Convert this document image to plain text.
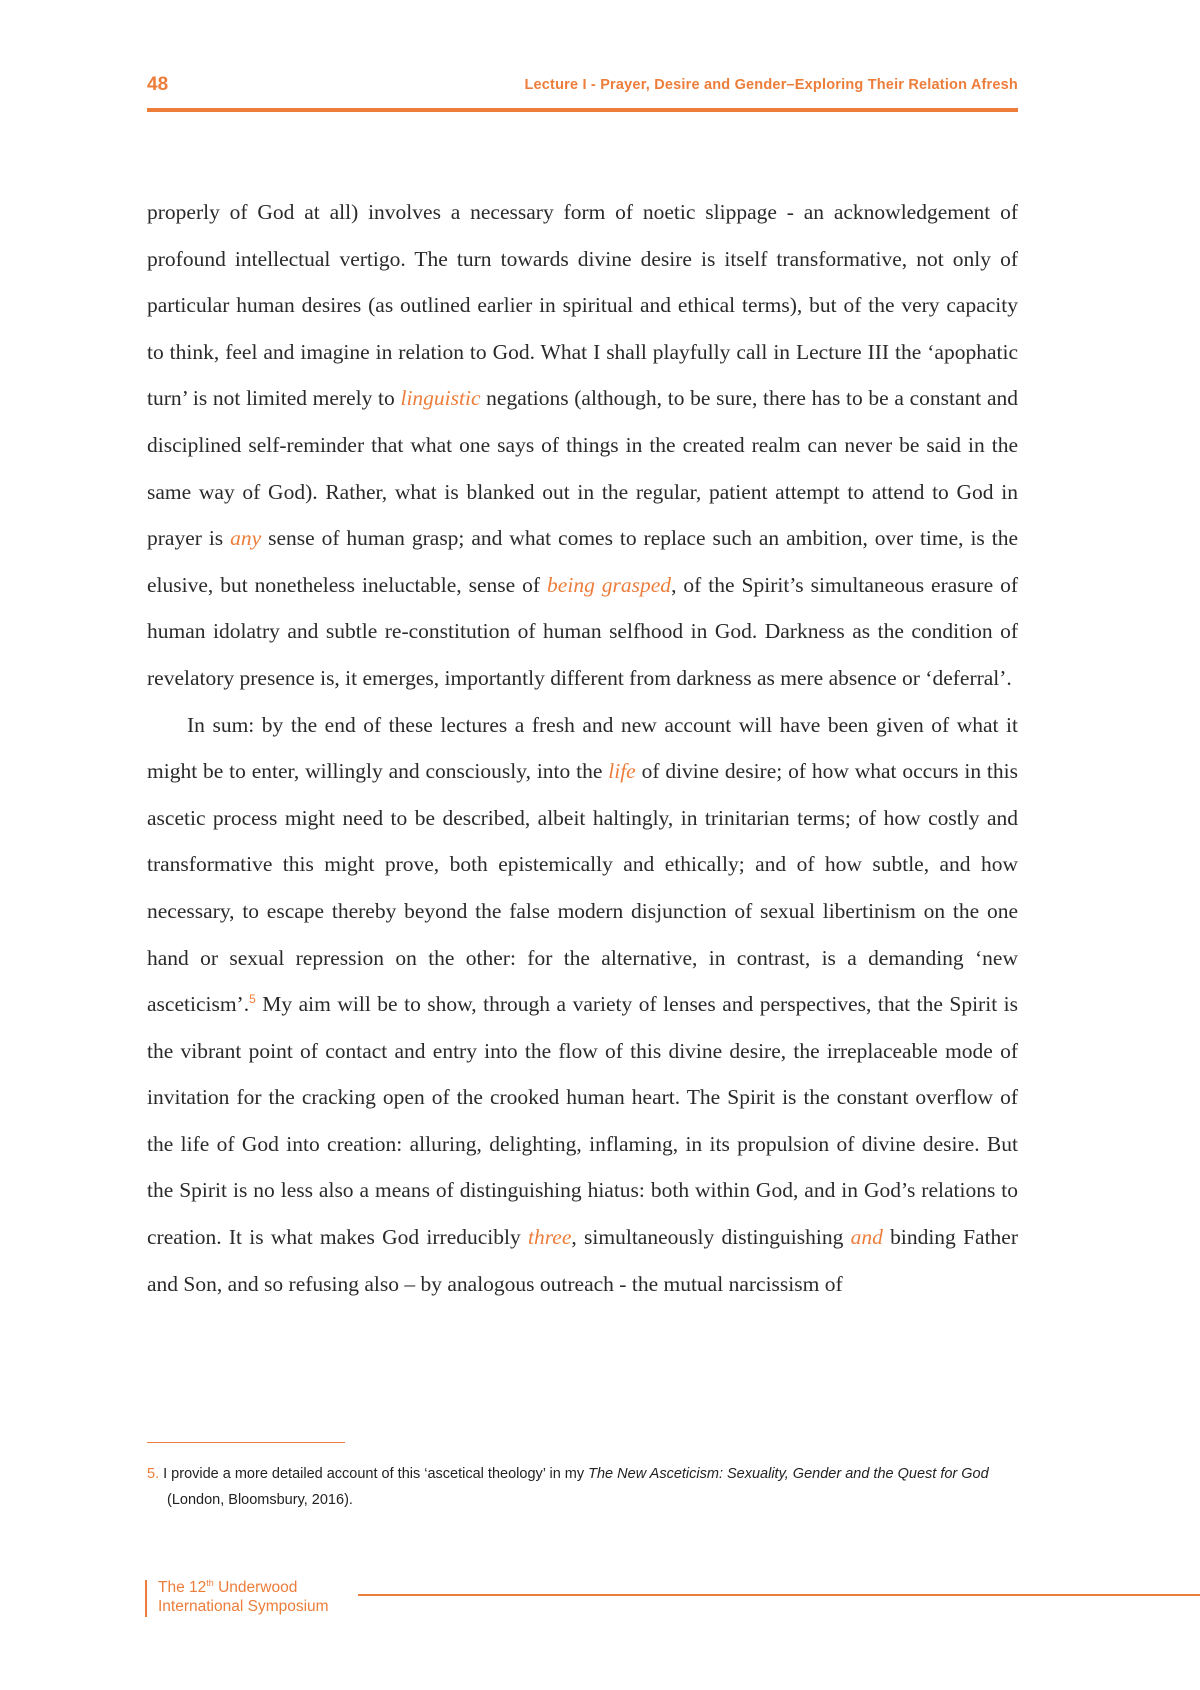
48	Lecture I - Prayer, Desire and Gender–Exploring Their Relation Afresh

properly of God at all) involves a necessary form of noetic slippage - an acknowledgement of profound intellectual vertigo. The turn towards divine desire is itself transformative, not only of particular human desires (as outlined earlier in spiritual and ethical terms), but of the very capacity to think, feel and imagine in relation to God. What I shall playfully call in Lecture III the ‘apophatic turn’ is not limited merely to linguistic negations (although, to be sure, there has to be a constant and disciplined self-reminder that what one says of things in the created realm can never be said in the same way of God). Rather, what is blanked out in the regular, patient attempt to attend to God in prayer is any sense of human grasp; and what comes to replace such an ambition, over time, is the elusive, but nonetheless ineluctable, sense of being grasped, of the Spirit’s simultaneous erasure of human idolatry and subtle re-constitution of human selfhood in God. Darkness as the condition of revelatory presence is, it emerges, importantly different from darkness as mere absence or ‘deferral’.

In sum: by the end of these lectures a fresh and new account will have been given of what it might be to enter, willingly and consciously, into the life of divine desire; of how what occurs in this ascetic process might need to be described, albeit haltingly, in trinitarian terms; of how costly and transformative this might prove, both epistemically and ethically; and of how subtle, and how necessary, to escape thereby beyond the false modern disjunction of sexual libertinism on the one hand or sexual repression on the other: for the alternative, in contrast, is a demanding ‘new asceticism’.$^5$ My aim will be to show, through a variety of lenses and perspectives, that the Spirit is the vibrant point of contact and entry into the flow of this divine desire, the irreplaceable mode of invitation for the cracking open of the crooked human heart. The Spirit is the constant overflow of the life of God into creation: alluring, delighting, inflaming, in its propulsion of divine desire. But the Spirit is no less also a means of distinguishing hiatus: both within God, and in God’s relations to creation. It is what makes God irreducibly three, simultaneously distinguishing and binding Father and Son, and so refusing also – by analogous outreach - the mutual narcissism of

5. I provide a more detailed account of this ‘ascetical theology’ in my The New Asceticism: Sexuality, Gender and the Quest for God (London, Bloomsbury, 2016).
The 12th Underwood
International Symposium
